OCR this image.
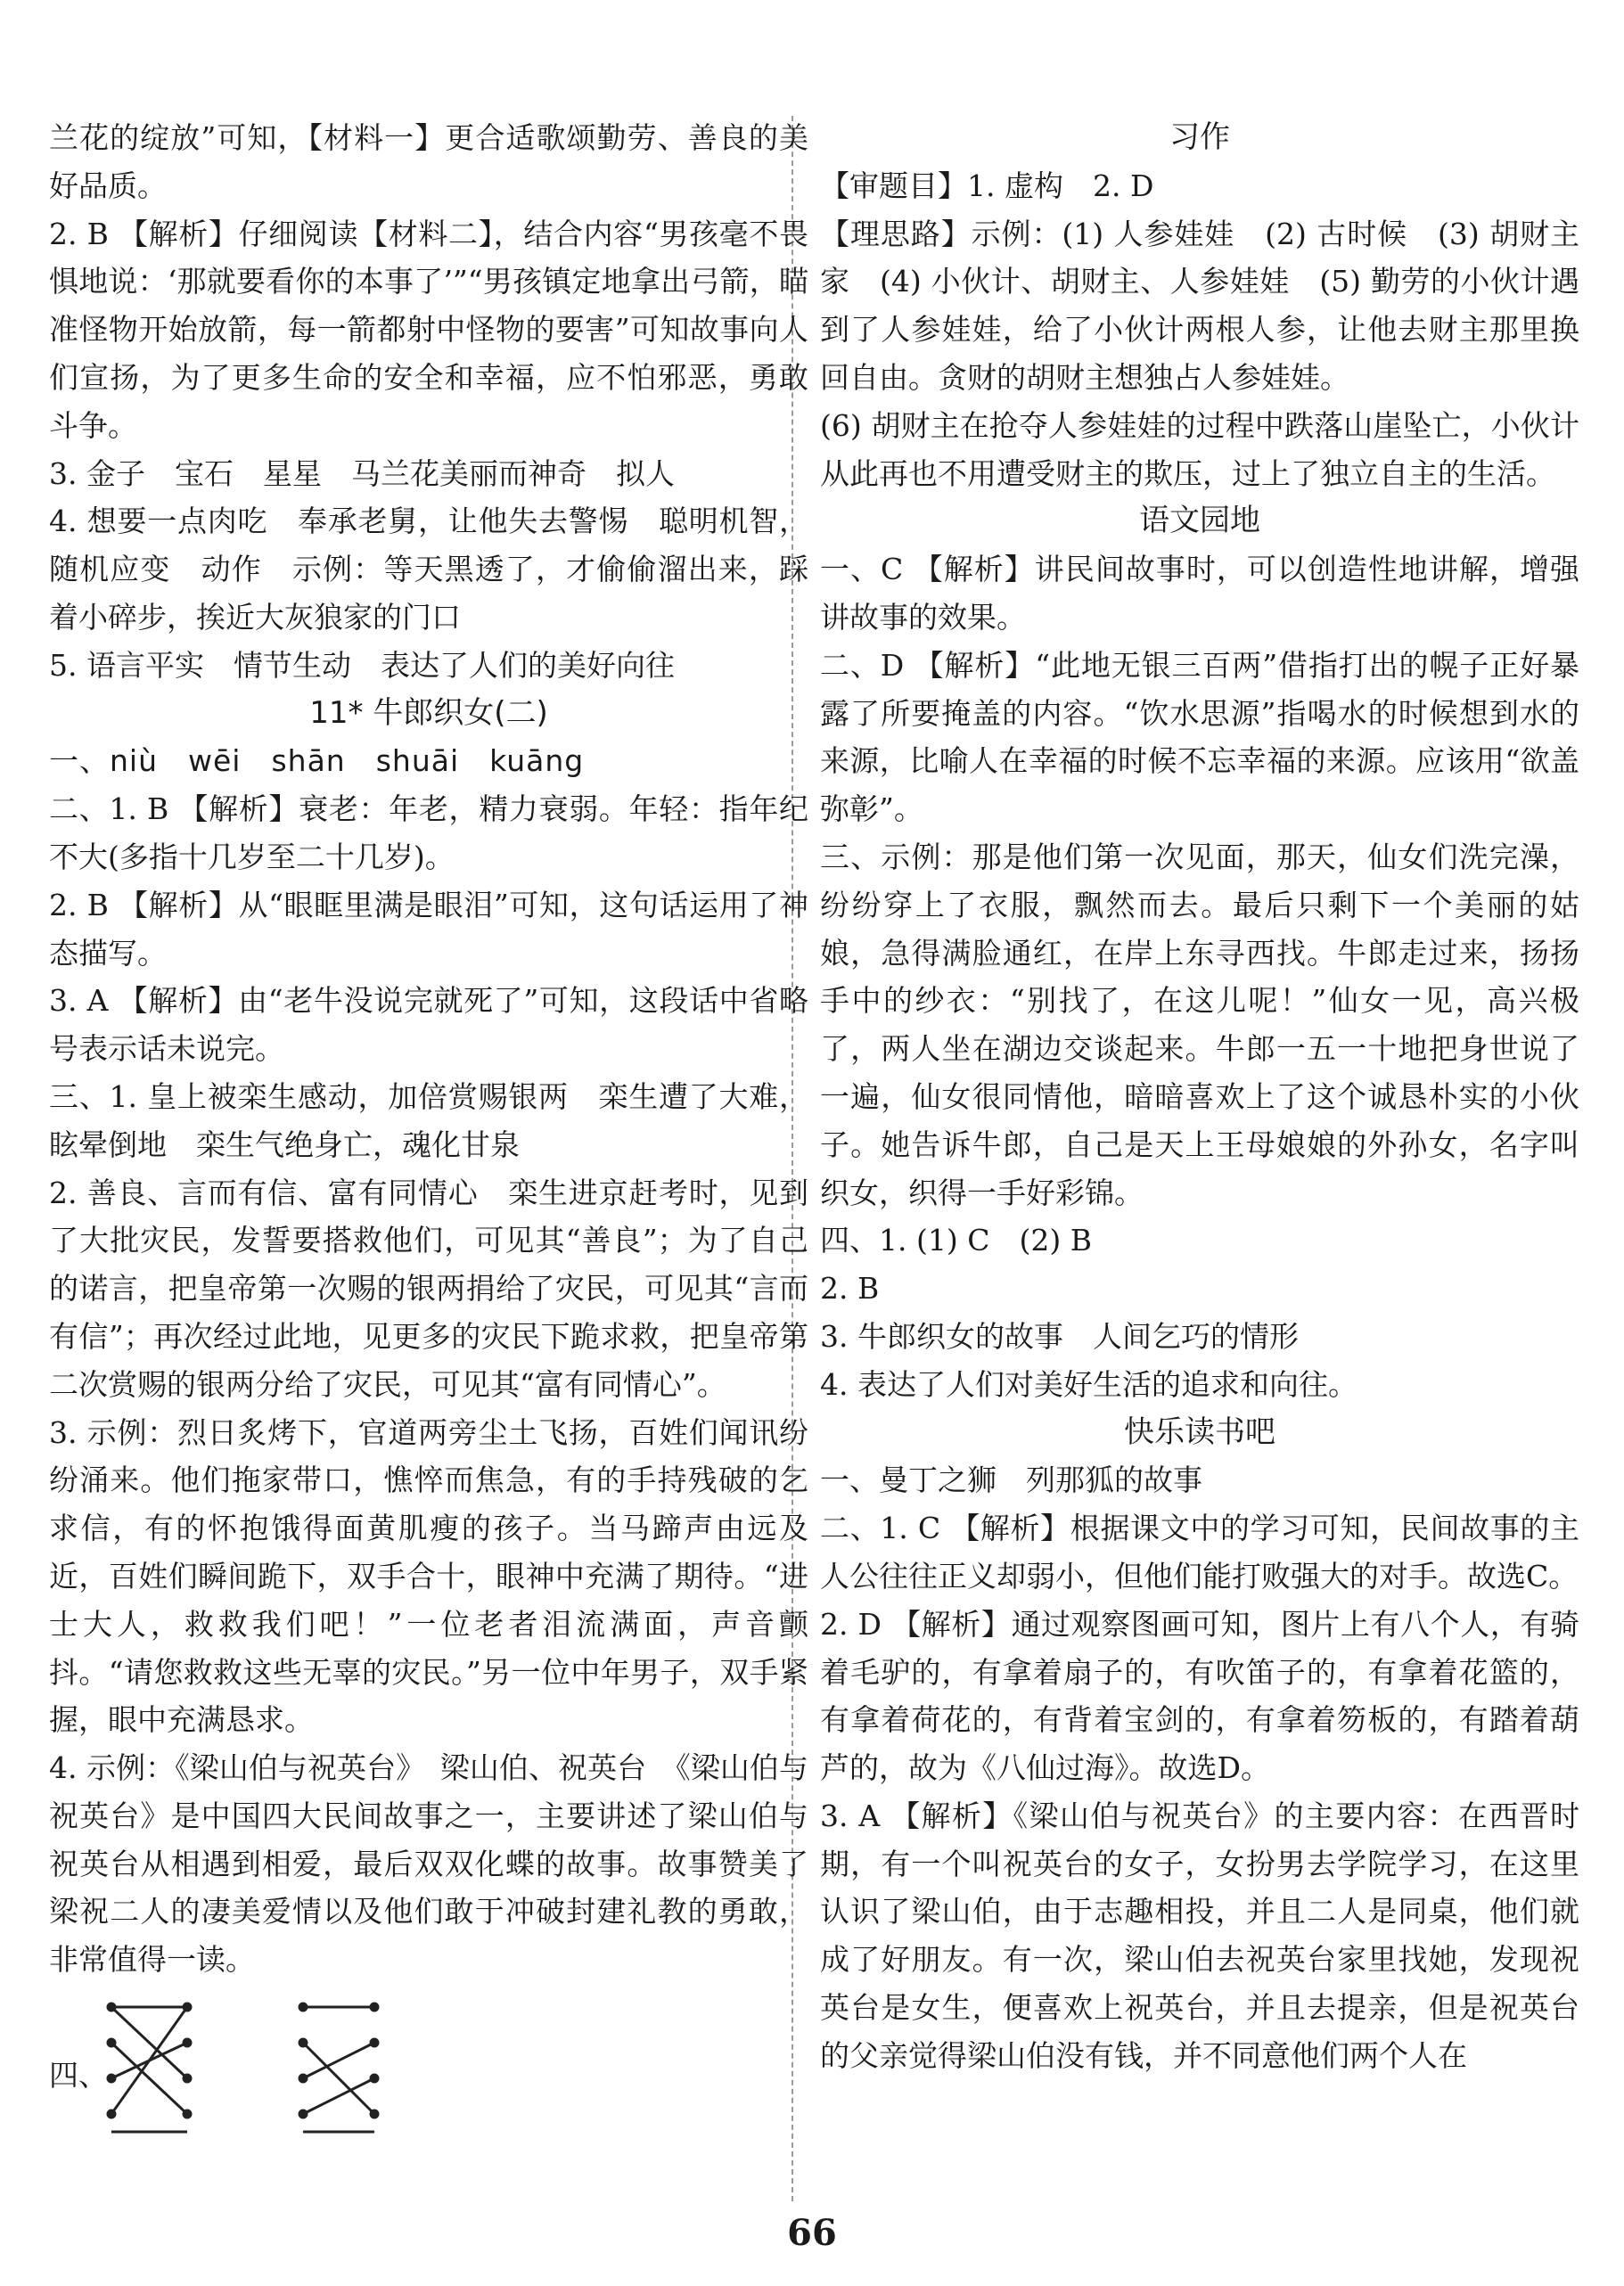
兰花的绽放”可知，【材料一】更合适歌颂勤劳、善良的美好品质。

2. B 【解析】仔细阅读【材料二】，结合内容“男孩毫不畏惧地说：‘那就要看你的本事了’”“男孩镇定地拿出弓箭，瞄准怪物开始放箭，每一箭都射中怪物的要害”可知故事向人们宣扬，为了更多生命的安全和幸福，应不怕邪恶，勇敢斗争。

3. 金子　宝石　星星　马兰花美丽而神奇　拟人

4. 想要一点肉吃　奉承老舅，让他失去警惕　聪明机智，随机应变　动作　示例：等天黑透了，才偷偷溜出来，踩着小碎步，挨近大灰狼家的门口

5. 语言平实　情节生动　表达了人们的美好向往

11* 牛郎织女(二)

一、niù　wēi　shān　shuāi　kuāng

二、1. B 【解析】衰老：年老，精力衰弱。年轻：指年纪不大(多指十几岁至二十几岁)。

2. B 【解析】从“眼眶里满是眼泪”可知，这句话运用了神态描写。

3. A 【解析】由“老牛没说完就死了”可知，这段话中省略号表示话未说完。

三、1. 皇上被栾生感动，加倍赏赐银两　栾生遭了大难，眩晕倒地　栾生气绝身亡，魂化甘泉

2. 善良、言而有信、富有同情心　栾生进京赶考时，见到了大批灾民，发誓要搭救他们，可见其“善良”；为了自己的诺言，把皇帝第一次赐的银两捐给了灾民，可见其“言而有信”；再次经过此地，见更多的灾民下跪求救，把皇帝第二次赏赐的银两分给了灾民，可见其“富有同情心”。

3. 示例：烈日炙烤下，官道两旁尘土飞扬，百姓们闻讯纷纷涌来。他们拖家带口，憔悴而焦急，有的手持残破的乞求信，有的怀抱饿得面黄肌瘦的孩子。当马蹄声由远及近，百姓们瞬间跪下，双手合十，眼神中充满了期待。“进士大人，救救我们吧！”一位老者泪流满面，声音颤抖。“请您救救这些无辜的灾民。”另一位中年男子，双手紧握，眼中充满恳求。

4. 示例：《梁山伯与祝英台》　梁山伯、祝英台　《梁山伯与祝英台》是中国四大民间故事之一，主要讲述了梁山伯与祝英台从相遇到相爱，最后双双化蝶的故事。故事赞美了梁祝二人的凄美爱情以及他们敢于冲破封建礼教的勇敢，非常值得一读。

四、

习作

【审题目】1. 虚构　2. D

【理思路】示例：(1) 人参娃娃　(2) 古时候　(3) 胡财主家　(4) 小伙计、胡财主、人参娃娃　(5) 勤劳的小伙计遇到了人参娃娃，给了小伙计两根人参，让他去财主那里换回自由。贪财的胡财主想独占人参娃娃。

(6) 胡财主在抢夺人参娃娃的过程中跌落山崖坠亡，小伙计从此再也不用遭受财主的欺压，过上了独立自主的生活。

语文园地

一、C 【解析】讲民间故事时，可以创造性地讲解，增强讲故事的效果。

二、D 【解析】“此地无银三百两”借指打出的幌子正好暴露了所要掩盖的内容。“饮水思源”指喝水的时候想到水的来源，比喻人在幸福的时候不忘幸福的来源。应该用“欲盖弥彰”。

三、示例：那是他们第一次见面，那天，仙女们洗完澡，纷纷穿上了衣服，飘然而去。最后只剩下一个美丽的姑娘，急得满脸通红，在岸上东寻西找。牛郎走过来，扬扬手中的纱衣：“别找了，在这儿呢！”仙女一见，高兴极了，两人坐在湖边交谈起来。牛郎一五一十地把身世说了一遍，仙女很同情他，暗暗喜欢上了这个诚恳朴实的小伙子。她告诉牛郎，自己是天上王母娘娘的外孙女，名字叫织女，织得一手好彩锦。

四、1. (1) C　(2) B

2. B

3. 牛郎织女的故事　人间乞巧的情形

4. 表达了人们对美好生活的追求和向往。

快乐读书吧

一、曼丁之狮　列那狐的故事

二、1. C 【解析】根据课文中的学习可知，民间故事的主人公往往正义却弱小，但他们能打败强大的对手。故选C。

2. D 【解析】通过观察图画可知，图片上有八个人，有骑着毛驴的，有拿着扇子的，有吹笛子的，有拿着花篮的，有拿着荷花的，有背着宝剑的，有拿着笏板的，有踏着葫芦的，故为《八仙过海》。故选D。

3. A 【解析】《梁山伯与祝英台》的主要内容：在西晋时期，有一个叫祝英台的女子，女扮男去学院学习，在这里认识了梁山伯，由于志趣相投，并且二人是同桌，他们就成了好朋友。有一次，梁山伯去祝英台家里找她，发现祝英台是女生，便喜欢上祝英台，并且去提亲，但是祝英台的父亲觉得梁山伯没有钱，并不同意他们两个人在

66
